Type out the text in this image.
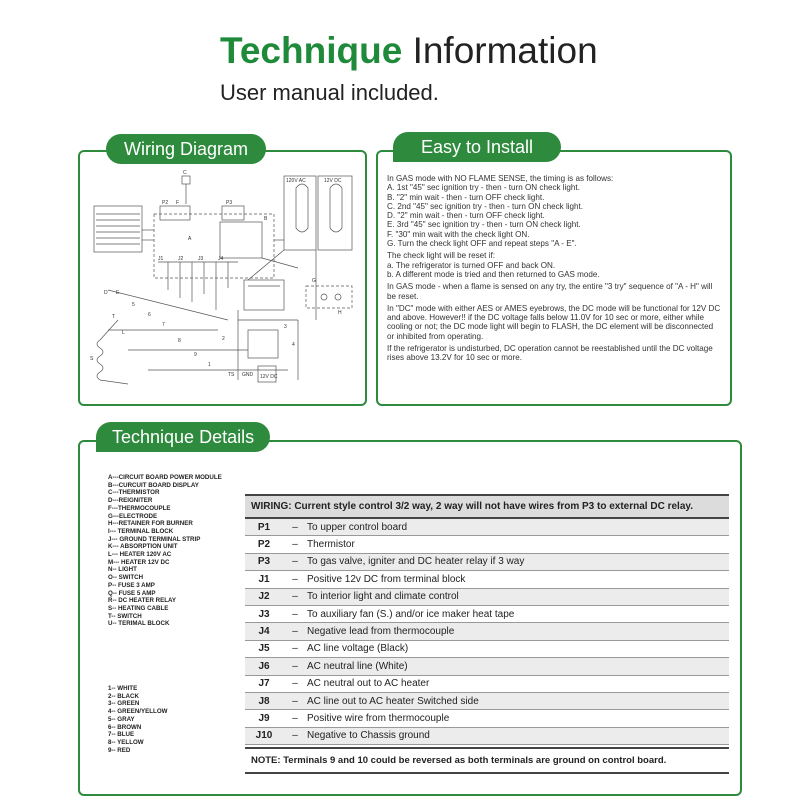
Technique Information
User manual included.
C
F
P2	P3
A
B
J1	J2	J3	J4
120V AC	12V DC
D E
G
H
T
L
S
5
6
7
8
9
1
2
3
4
TS GND 12V DC
Wiring Diagram

In GAS mode with NO FLAME SENSE, the timing is as follows:
A. 1st "45" sec ignition try - then - turn ON check light.
B. "2" min wait - then - turn OFF check light.
C. 2nd "45" sec ignition try - then - turn ON check light.
D. "2" min wait - then - turn OFF check light.
E. 3rd "45" sec ignition try - then - turn ON check light.
F. "30" min wait with the check light ON.
G. Turn the check light OFF and repeat steps "A - E".

The check light will be reset if:
a. The refrigerator is turned OFF and back ON.
b. A different mode is tried and then returned to GAS mode.

In GAS mode - when a flame is sensed on any try, the entire "3 try" sequence of "A - H" will be reset.

In "DC" mode with either AES or AMES eyebrows, the DC mode will be functional for 12V DC and above. However!! if the DC voltage falls below 11.0V for 10 sec or more, either while cooling or not; the DC mode light will begin to FLASH, the DC element will be disconnected or inhibited from operating.

If the refrigerator is undisturbed, DC operation cannot be reestablished until the DC voltage rises above 13.2V for 10 sec or more.

Easy to Install
A---CIRCUIT BOARD POWER MODULE
B---CURCUIT BOARD DISPLAY
C---THERMISTOR
D---REIGNITER
F---THERMOCOUPLE
G---ELECTRODE
H---RETAINER FOR BURNER
I--- TERMINAL BLOCK
J--- GROUND TERMINAL STRIP
K--- ABSORPTION UNIT
L--- HEATER 120V AC
M--- HEATER 12V DC
N-- LIGHT
O-- SWITCH
P-- FUSE 3 AMP
Q-- FUSE 5 AMP
R-- DC HEATER RELAY
S-- HEATING CABLE
T-- SWITCH
U-- TERIMAL BLOCK
1-- WHITE
2-- BLACK
3-- GREEN
4-- GREEN/YELLOW
5-- GRAY
6-- BROWN
7-- BLUE
8-- YELLOW
9-- RED
WIRING: Current style control 3/2 way, 2 way will not have wires from P3 to external DC relay.
P1	– To upper control board
P2	– Thermistor
P3	– To gas valve, igniter and DC heater relay if 3 way
J1	– Positive 12v DC from terminal block
J2	– To interior light and climate control
J3	– To auxiliary fan (S.) and/or ice maker heat tape
J4	– Negative lead from thermocouple
J5	– AC line voltage (Black)
J6	– AC neutral line (White)
J7	– AC neutral out to AC heater
J8	– AC line out to AC heater Switched side
J9	– Positive wire from thermocouple
J10	– Negative to Chassis ground
NOTE: Terminals 9 and 10 could be reversed as both terminals are ground on control board.
Technique Details
